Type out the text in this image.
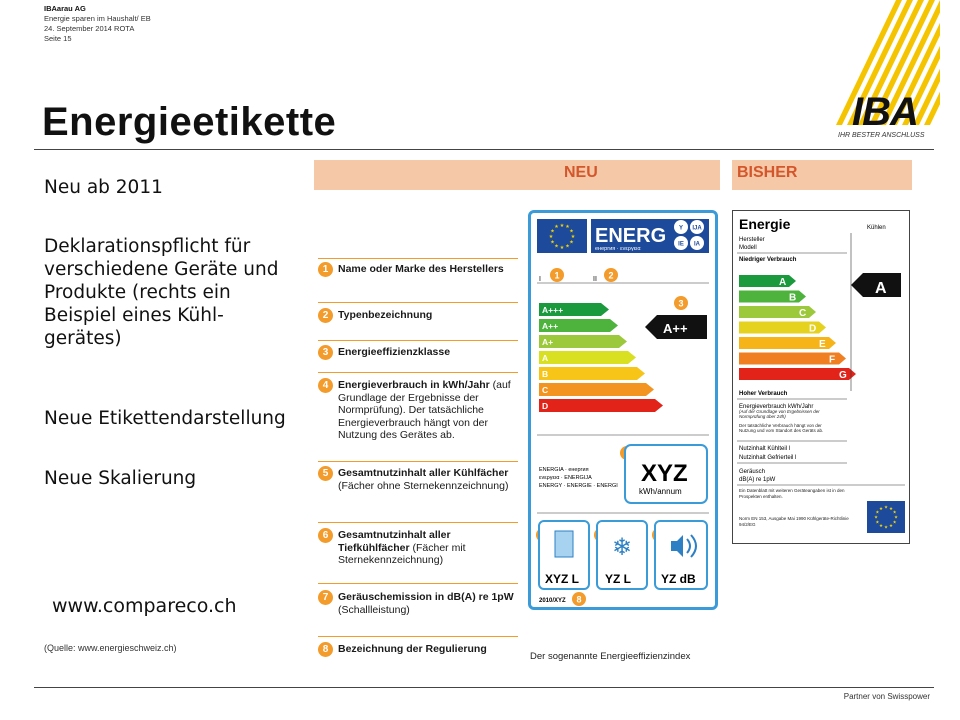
IBAarau AG
Energie sparen im Haushalt/ EB
24. September 2014 ROTA
Seite 15
IBA
IHR BESTER ANSCHLUSS
Energieetikette
Neu ab 2011
Deklarationspflicht für verschiedene Geräte und Produkte (rechts ein Beispiel eines Kühl- gerätes)
Neue Etikettendarstellung
Neue Skalierung
www.compareco.ch
(Quelle: www.energieschweiz.ch)
NEU	BISHER
1 Name oder Marke des Herstellers
2 Typenbezeichnung
3 Energieeffizienzklasse
4 Energieverbrauch in kWh/Jahr (auf Grundlage der Ergebnisse der Normprüfung). Der tatsächliche Energieverbrauch hängt von der Nutzung des Gerätes ab.
5 Gesamtnutzinhalt aller Kühlfächer (Fächer ohne Sternekennzeichnung)
6 Gesamtnutzinhalt aller Tiefkühlfächer (Fächer mit Sternekennzeichnung)
7 Geräuschemission in dB(A) re 1pW (Schallleistung)
8 Bezeichnung der Regulierung
★
★
★
★
★
★
★
★
★ ★ ★
★ ENERG
енергия · ενεργεια
Y IJA
IE IA
I	II
1	2
3
8
A+++
A++
A+
A
B
C
D
A++
ENERGIA · енергия
ενεργεια · ENERGIJA
ENERGY · ENERGIE · ENERGI XYZ
kWh/annum
❄
XYZ L YZ L	YZ dB
2010/XYZ
Energie	Kühlen
Hersteller
Modell
Niedriger Verbrauch
A
B
C
D
E
F
G
A
Hoher Verbrauch
Energieverbrauch kWh/Jahr
(Auf der Grundlage von Ergebnissen der Normprüfung über 24h)
Der tatsächliche Verbrauch hängt von der Nutzung und vom Standort des Geräts ab.
Nutzinhalt Kühlteil l
Nutzinhalt Gefrierteil l
Geräusch
dB(A) re 1pW
Ein Datenblatt mit weiteren Geräteangaben ist in den Prospekten enthalten.
Norm EN 153, Ausgabe Mai 1990 Kühlgeräte-Richtlinie 94/2/EG
★
★
★
★
★
★
★
★
★ ★ ★
★
Der sogenannte Energieeffizienzindex
Partner von Swisspower
